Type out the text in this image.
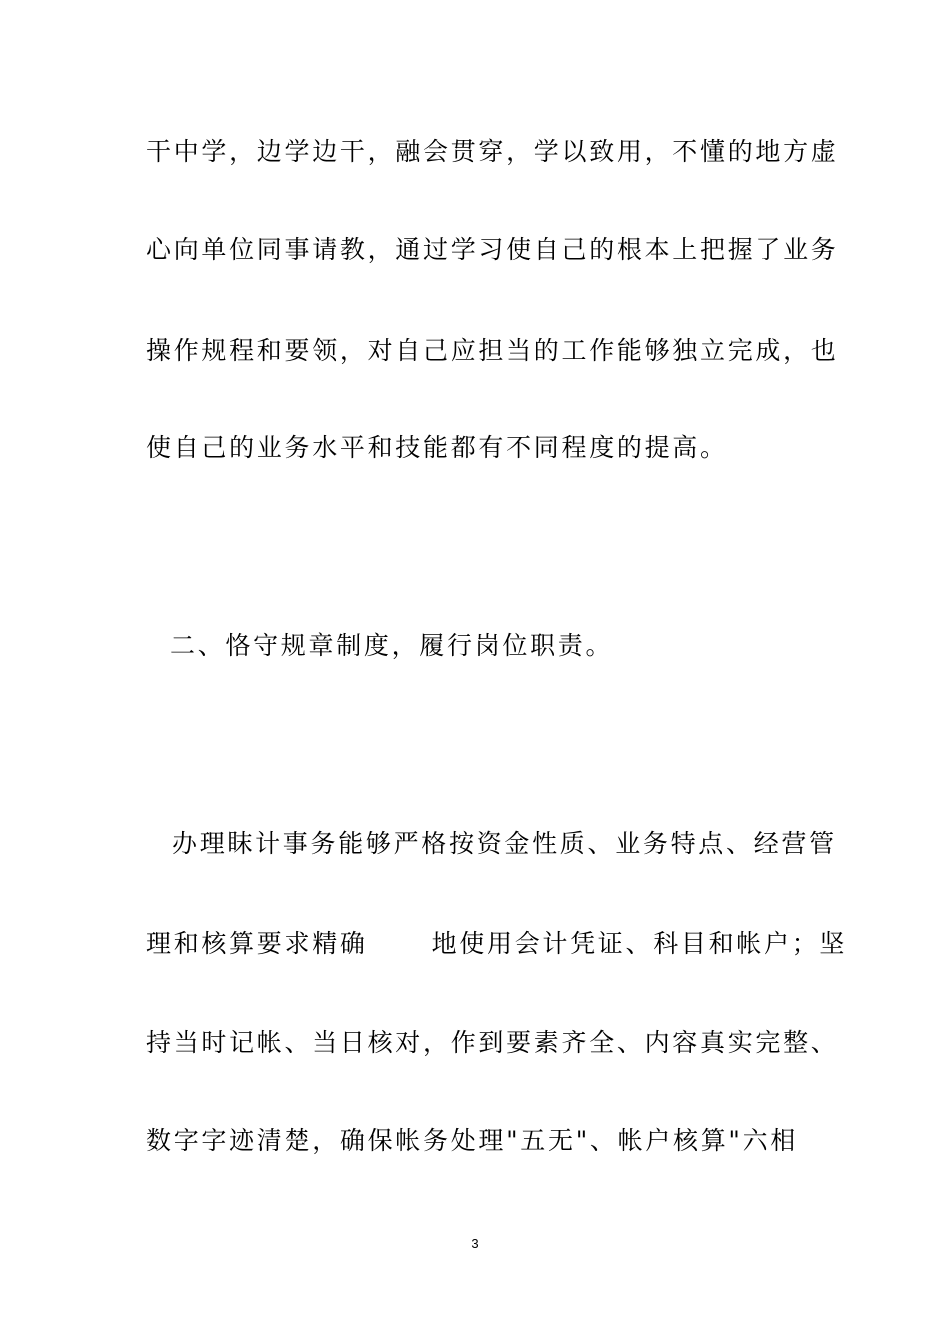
干中学，边学边干，融会贯穿，学以致用，不懂的地方虚
心向单位同事请教，通过学习使自己的根本上把握了业务
操作规程和要领，对自己应担当的工作能够独立完成，也
使自己的业务水平和技能都有不同程度的提高。
二、恪守规章制度，履行岗位职责。
办理眜计事务能够严格按资金性质、业务特点、经营管
理和核算要求精确	地使用会计凭证、科目和帐户；坚
持当时记帐、当日核对，作到要素齐全、内容真实完整、
数字字迹清楚，确保帐务处理"五无"、帐户核算"六相
3
